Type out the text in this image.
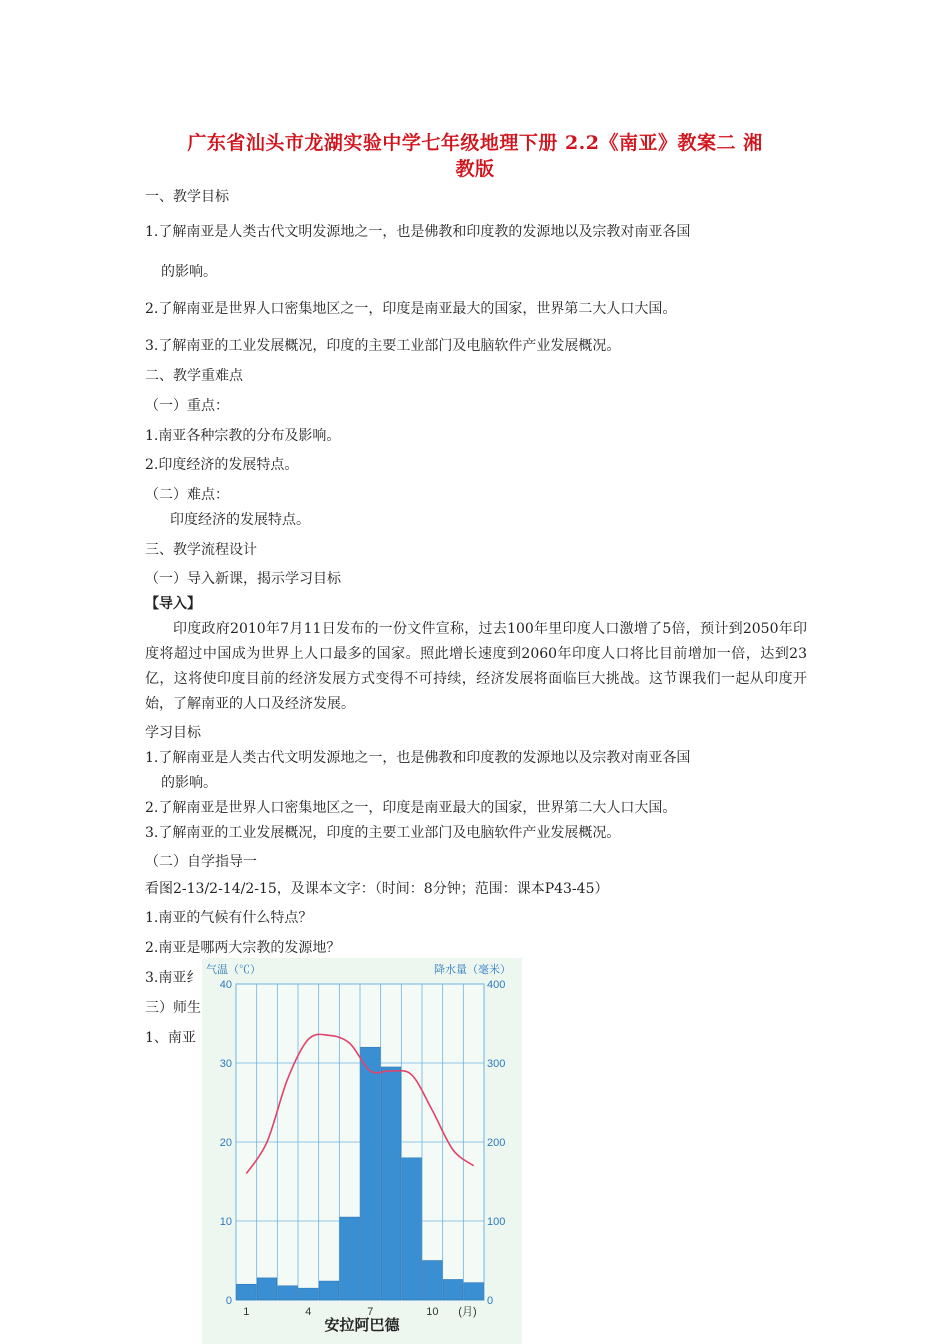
广东省汕头市龙湖实验中学七年级地理下册 2.2《南亚》教案二 湘
教版
一、教学目标
1.了解南亚是人类古代文明发源地之一，也是佛教和印度教的发源地以及宗教对南亚各国
的影响。
2.了解南亚是世界人口密集地区之一，印度是南亚最大的国家，世界第二大人口大国。
3.了解南亚的工业发展概况，印度的主要工业部门及电脑软件产业发展概况。
二、教学重难点
（一）重点：
1.南亚各种宗教的分布及影响。
2.印度经济的发展特点。
（二）难点：
印度经济的发展特点。
三、教学流程设计
（一）导入新课，揭示学习目标
【导入】
印度政府2010年7月11日发布的一份文件宣称，过去100年里印度人口激增了5倍，预计到2050年印度将超过中国成为世界上人口最多的国家。照此增长速度到2060年印度人口将比目前增加一倍，达到23亿，这将使印度目前的经济发展方式变得不可持续，经济发展将面临巨大挑战。这节课我们一起从印度开始，了解南亚的人口及经济发展。
学习目标
1.了解南亚是人类古代文明发源地之一，也是佛教和印度教的发源地以及宗教对南亚各国
的影响。
2.了解南亚是世界人口密集地区之一，印度是南亚最大的国家，世界第二大人口大国。
3.了解南亚的工业发展概况，印度的主要工业部门及电脑软件产业发展概况。
（二）自学指导一
看图2-13/2-14/2-15，及课本文字：（时间：8分钟；范围：课本P43-45）
1.南亚的气候有什么特点？
2.南亚是哪两大宗教的发源地？
3.南亚纟
三）师生
1、南亚
40
30
20
10
0
400
300
200
100
0
1	4	7	10 (月)
气温（℃）	降水量（毫米）
安拉阿巴德
